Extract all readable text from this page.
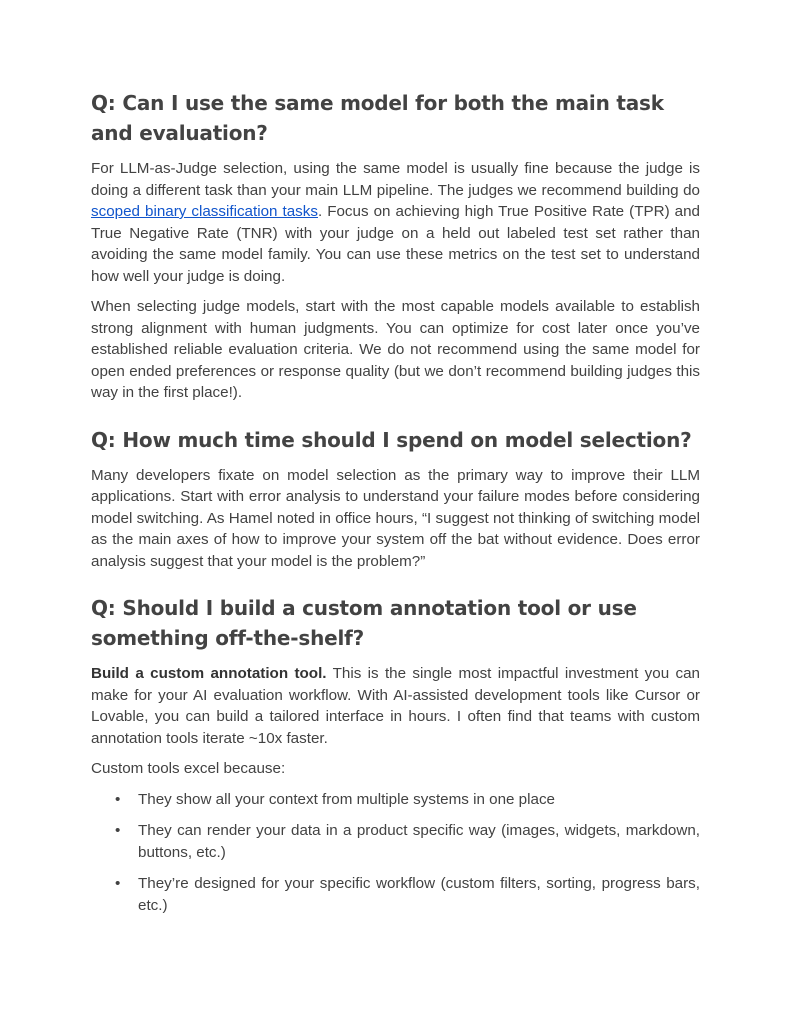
Q: Can I use the same model for both the main task and evaluation?

For LLM-as-Judge selection, using the same model is usually fine because the judge is doing a different task than your main LLM pipeline. The judges we recommend building do scoped binary classification tasks. Focus on achieving high True Positive Rate (TPR) and True Negative Rate (TNR) with your judge on a held out labeled test set rather than avoiding the same model family. You can use these metrics on the test set to understand how well your judge is doing.

When selecting judge models, start with the most capable models available to establish strong alignment with human judgments. You can optimize for cost later once you’ve established reliable evaluation criteria. We do not recommend using the same model for open ended preferences or response quality (but we don’t recommend building judges this way in the first place!).

Q: How much time should I spend on model selection?

Many developers fixate on model selection as the primary way to improve their LLM applications. Start with error analysis to understand your failure modes before considering model switching. As Hamel noted in office hours, “I suggest not thinking of switching model as the main axes of how to improve your system off the bat without evidence. Does error analysis suggest that your model is the problem?”

Q: Should I build a custom annotation tool or use something off-the-shelf?

Build a custom annotation tool. This is the single most impactful investment you can make for your AI evaluation workflow. With AI-assisted development tools like Cursor or Lovable, you can build a tailored interface in hours. I often find that teams with custom annotation tools iterate ~10x faster.

Custom tools excel because:

• They show all your context from multiple systems in one place
• They can render your data in a product specific way (images, widgets, markdown, buttons, etc.)
• They’re designed for your specific workflow (custom filters, sorting, progress bars, etc.)
